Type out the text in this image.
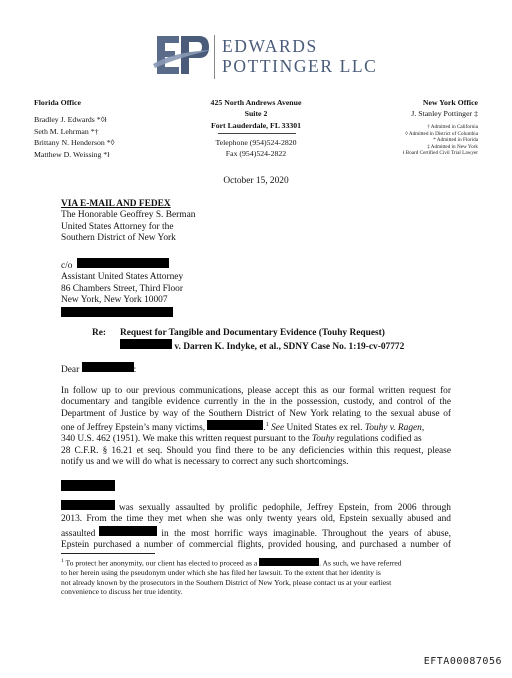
EDWARDS
POTTINGER LLC
Florida Office
Bradley J. Edwards *◊ł
Seth M. Lehrman *†
Brittany N. Henderson *◊
Matthew D. Weissing *ł
425 North Andrews Avenue
Suite 2
Fort Lauderdale, FL 33301
Telephone (954)524-2820
Fax (954)524-2822
New York Office
J. Stanley Pottinger ‡
† Admitted in California
◊ Admitted in District of Columbia
* Admitted in Florida
‡ Admitted in New York
ł Board Certified Civil Trial Lawyer
October 15, 2020
VIA E-MAIL AND FEDEX
The Honorable Geoffrey S. Berman
United States Attorney for the
Southern District of New York
c/o
Assistant United States Attorney
86 Chambers Street, Third Floor
New York, New York 10007
Re: Request for Tangible and Documentary Evidence (Touhy Request)
v. Darren K. Indyke, et al., SDNY Case No. 1:19-cv-07772
Dear	:
In follow up to our previous communications, please accept this as our formal written request for
documentary and tangible evidence currently in the in the possession, custody, and control of the
Department of Justice by way of the Southern District of New York relating to the sexual abuse of
one of Jeffrey Epstein’s many victims,	.$^1$ See United States ex rel. Touhy v. Ragen,
340 U.S. 462 (1951). We make this written request pursuant to the Touhy regulations codified as
28 C.F.R. § 16.21 et seq. Should you find there to be any deficiencies within this request, please
notify us and we will do what is necessary to correct any such shortcomings.
was sexually assaulted by prolific pedophile, Jeffrey Epstein, from 2006 through
2013. From the time they met when she was only twenty years old, Epstein sexually abused and
assaulted	in the most horrific ways imaginable. Throughout the years of abuse,
Epstein purchased a number of commercial flights, provided housing, and purchased a number of
$^1$ To protect her anonymity, our client has elected to proceed as a	. As such, we have referred
to her herein using the pseudonym under which she has filed her lawsuit. To the extent that her identity is
not already known by the prosecutors in the Southern District of New York, please contact us at your earliest
convenience to discuss her true identity.
EFTA00087056
